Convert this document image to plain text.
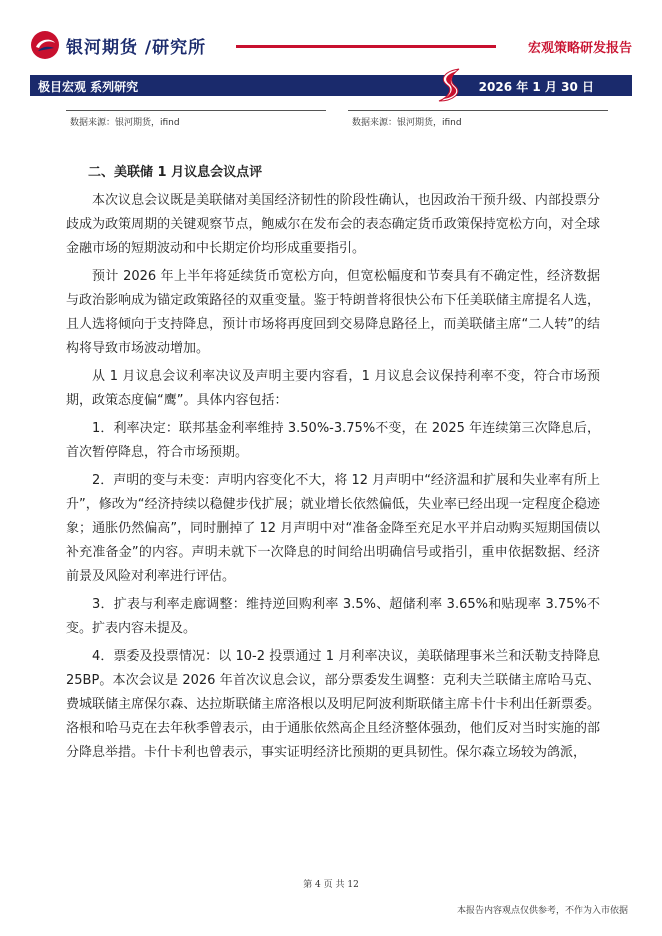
银河期货 /研究所	宏观策略研发报告
极目宏观 系列研究	2026 年 1 月 30 日
数据来源：银河期货，ifind	数据来源：银河期货，ifind
二、美联储 1 月议息会议点评

本次议息会议既是美联储对美国经济韧性的阶段性确认，也因政治干预升级、内部投票分歧成为政策周期的关键观察节点，鲍威尔在发布会的表态确定货币政策保持宽松方向，对全球金融市场的短期波动和中长期定价均形成重要指引。

预计 2026 年上半年将延续货币宽松方向，但宽松幅度和节奏具有不确定性，经济数据与政治影响成为锚定政策路径的双重变量。鉴于特朗普将很快公布下任美联储主席提名人选，且人选将倾向于支持降息，预计市场将再度回到交易降息路径上，而美联储主席“二人转”的结构将导致市场波动增加。

从 1 月议息会议利率决议及声明主要内容看，1 月议息会议保持利率不变，符合市场预期，政策态度偏“鹰”。具体内容包括：

1．利率决定：联邦基金利率维持 3.50%-3.75%不变，在 2025 年连续第三次降息后，首次暂停降息，符合市场预期。

2．声明的变与未变：声明内容变化不大，将 12 月声明中“经济温和扩展和失业率有所上升”，修改为“经济持续以稳健步伐扩展；就业增长依然偏低，失业率已经出现一定程度企稳迹象；通胀仍然偏高”，同时删掉了 12 月声明中对“准备金降至充足水平并启动购买短期国债以补充准备金”的内容。声明未就下一次降息的时间给出明确信号或指引，重申依据数据、经济前景及风险对利率进行评估。

3．扩表与利率走廊调整：维持逆回购利率 3.5%、超储利率 3.65%和贴现率 3.75%不变。扩表内容未提及。

4．票委及投票情况：以 10-2 投票通过 1 月利率决议，美联储理事米兰和沃勒支持降息 25BP。本次会议是 2026 年首次议息会议，部分票委发生调整：克利夫兰联储主席哈马克、费城联储主席保尔森、达拉斯联储主席洛根以及明尼阿波利斯联储主席卡什卡利出任新票委。洛根和哈马克在去年秋季曾表示，由于通胀依然高企且经济整体强劲，他们反对当时实施的部分降息举措。卡什卡利也曾表示，事实证明经济比预期的更具韧性。保尔森立场较为鸽派，

第 4 页 共 12
本报告内容观点仅供参考，不作为入市依据
